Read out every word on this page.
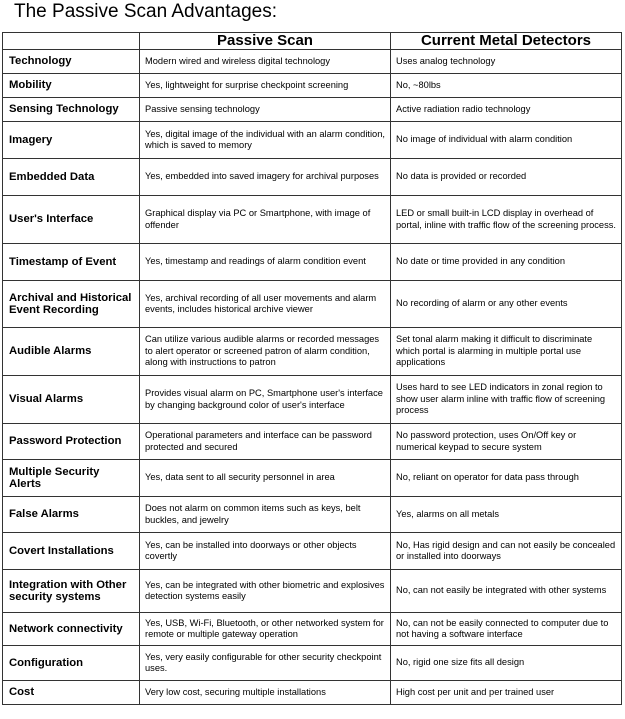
The Passive Scan Advantages:
	Passive Scan	Current Metal Detectors
Technology	Modern wired and wireless digital technology	Uses analog technology
Mobility	Yes, lightweight for surprise checkpoint screening	No, ~80lbs
Sensing Technology	Passive sensing technology	Active radiation radio technology
Imagery	Yes, digital image of the individual with an alarm condition, which is saved to memory	No image of individual with alarm condition
Embedded Data	Yes, embedded into saved imagery for archival purposes	No data is provided or recorded
User's Interface	Graphical display via PC or Smartphone, with image of offender	LED or small built-in LCD display in overhead of portal, inline with traffic flow of the screening process.
Timestamp of Event	Yes, timestamp and readings of alarm condition event	No date or time provided in any condition
Archival and Historical Event Recording	Yes, archival recording of all user movements and alarm events, includes historical archive viewer	No recording of alarm or any other events
Audible Alarms	Can utilize various audible alarms or recorded messages to alert operator or screened patron of alarm condition, along with instructions to patron	Set tonal alarm making it difficult to discriminate which portal is alarming in multiple portal use applications
Visual Alarms	Provides visual alarm on PC, Smartphone user's interface by changing background color of user's interface	Uses hard to see LED indicators in zonal region to show user alarm inline with traffic flow of screening process
Password Protection	Operational parameters and interface can be password protected and secured	No password protection, uses On/Off key or numerical keypad to secure system
Multiple Security Alerts	Yes, data sent to all security personnel in area	No, reliant on operator for data pass through
False Alarms	Does not alarm on common items such as keys, belt buckles, and jewelry	Yes, alarms on all metals
Covert Installations	Yes, can be installed into doorways or other objects covertly	No, Has rigid design and can not easily be concealed or installed into doorways
Integration with Other security systems	Yes, can be integrated with other biometric and explosives detection systems easily	No, can not easily be integrated with other systems
Network connectivity	Yes, USB, Wi-Fi, Bluetooth, or other networked system for remote or multiple gateway operation	No, can not be easily connected to computer due to not having a software interface
Configuration	Yes, very easily configurable for other security checkpoint uses.	No, rigid one size fits all design
Cost	Very low cost, securing multiple installations	High cost per unit and per trained user
